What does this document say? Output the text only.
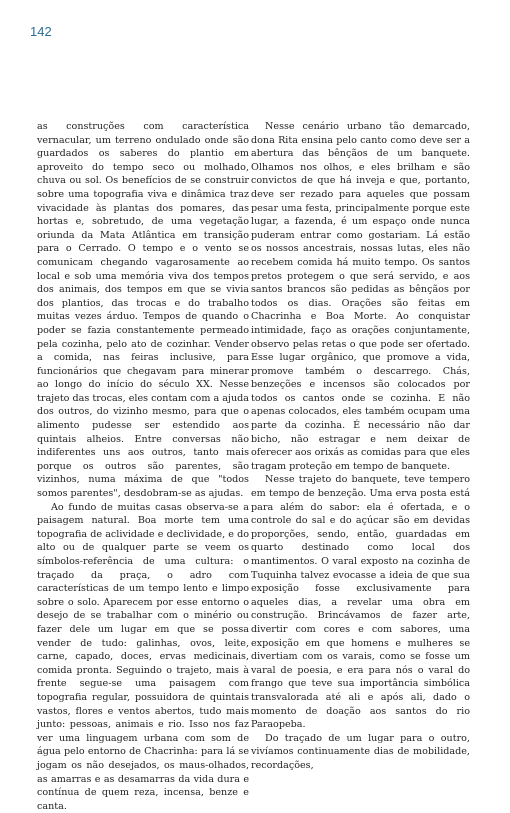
142

as construções com característica vernacular, um terreno ondulado onde são guardados os saberes do plantio em aproveito do tempo seco ou molhado, chuva ou sol. Os benefícios de se construir sobre uma topografia viva e dinâmica traz vivacidade às plantas dos pomares, das hortas e, sobretudo, de uma vegetação oriunda da Mata Atlântica em transição para o Cerrado. O tempo e o vento se comunicam chegando vagarosamente ao local e sob uma memória viva dos tempos dos animais, dos tempos em que se vivia dos plantios, das trocas e do trabalho muitas vezes árduo. Tempos de quando o poder se fazia constantemente permeado pela cozinha, pelo ato de cozinhar. Vender a comida, nas feiras inclusive, para funcionários que chegavam para minerar ao longo do início do século XX. Nesse trajeto das trocas, eles contam com a ajuda dos outros, do vizinho mesmo, para que o alimento pudesse ser estendido aos quintais alheios. Entre conversas não indiferentes uns aos outros, tanto mais porque os outros são parentes, são vizinhos, numa máxima de que "todos somos parentes", desdobram-se as ajudas.

Ao fundo de muitas casas observa-se a paisagem natural. Boa morte tem uma topografia de aclividade e declividade, e do alto ou de qualquer parte se veem os símbolos-referência de uma cultura: o traçado da praça, o adro com características de um tempo lento e limpo sobre o solo. Aparecem por esse entorno o desejo de se trabalhar com o minério ou fazer dele um lugar em que se possa vender de tudo: galinhas, ovos, leite, carne, capado, doces, ervas medicinais, comida pronta. Seguindo o trajeto, mais à frente segue-se uma paisagem com topografia regular, possuidora de quintais vastos, flores e ventos abertos, tudo mais junto: pessoas, animais e rio. Isso nos faz ver uma linguagem urbana com som de água pelo entorno de Chacrinha: para lá se jogam os não desejados, os maus-olhados, as amarras e as desamarras da vida dura e contínua de quem reza, incensa, benze e canta.

Nesse cenário urbano tão demarcado, dona Rita ensina pelo canto como deve ser a abertura das bênçãos de um banquete. Olhamos nos olhos, e eles brilham e são convictos de que há inveja e que, portanto, deve ser rezado para aqueles que possam pesar uma festa, principalmente porque este lugar, a fazenda, é um espaço onde nunca puderam entrar como gostariam. Lá estão os nossos ancestrais, nossas lutas, eles não recebem comida há muito tempo. Os santos pretos protegem o que será servido, e aos santos brancos são pedidas as bênçãos por todos os dias. Orações são feitas em Chacrinha e Boa Morte. Ao conquistar intimidade, faço as orações conjuntamente, observo pelas retas o que pode ser ofertado. Esse lugar orgânico, que promove a vida, promove também o descarrego. Chás, benzeções e incensos são colocados por todos os cantos onde se cozinha. E não apenas colocados, eles também ocupam uma parte da cozinha. É necessário não dar bicho, não estragar e nem deixar de oferecer aos orixás as comidas para que eles tragam proteção em tempo de banquete.

Nesse trajeto do banquete, teve tempero em tempo de benzeção. Uma erva posta está para além do sabor: ela é ofertada, e o controle do sal e do açúcar são em devidas proporções, sendo, então, guardadas em quarto destinado como local dos mantimentos. O varal exposto na cozinha de Tuquinha talvez evocasse a ideia de que sua exposição fosse exclusivamente para aqueles dias, a revelar uma obra em construção. Brincávamos de fazer arte, divertir com cores e com sabores, uma exposição em que homens e mulheres se divertiam com os varais, como se fosse um varal de poesia, e era para nós o varal do frango que teve sua importância simbólica transvalorada até ali e após ali, dado o momento de doação aos santos do rio Paraopeba.

Do traçado de um lugar para o outro, vivíamos continuamente dias de mobilidade, recordações,
